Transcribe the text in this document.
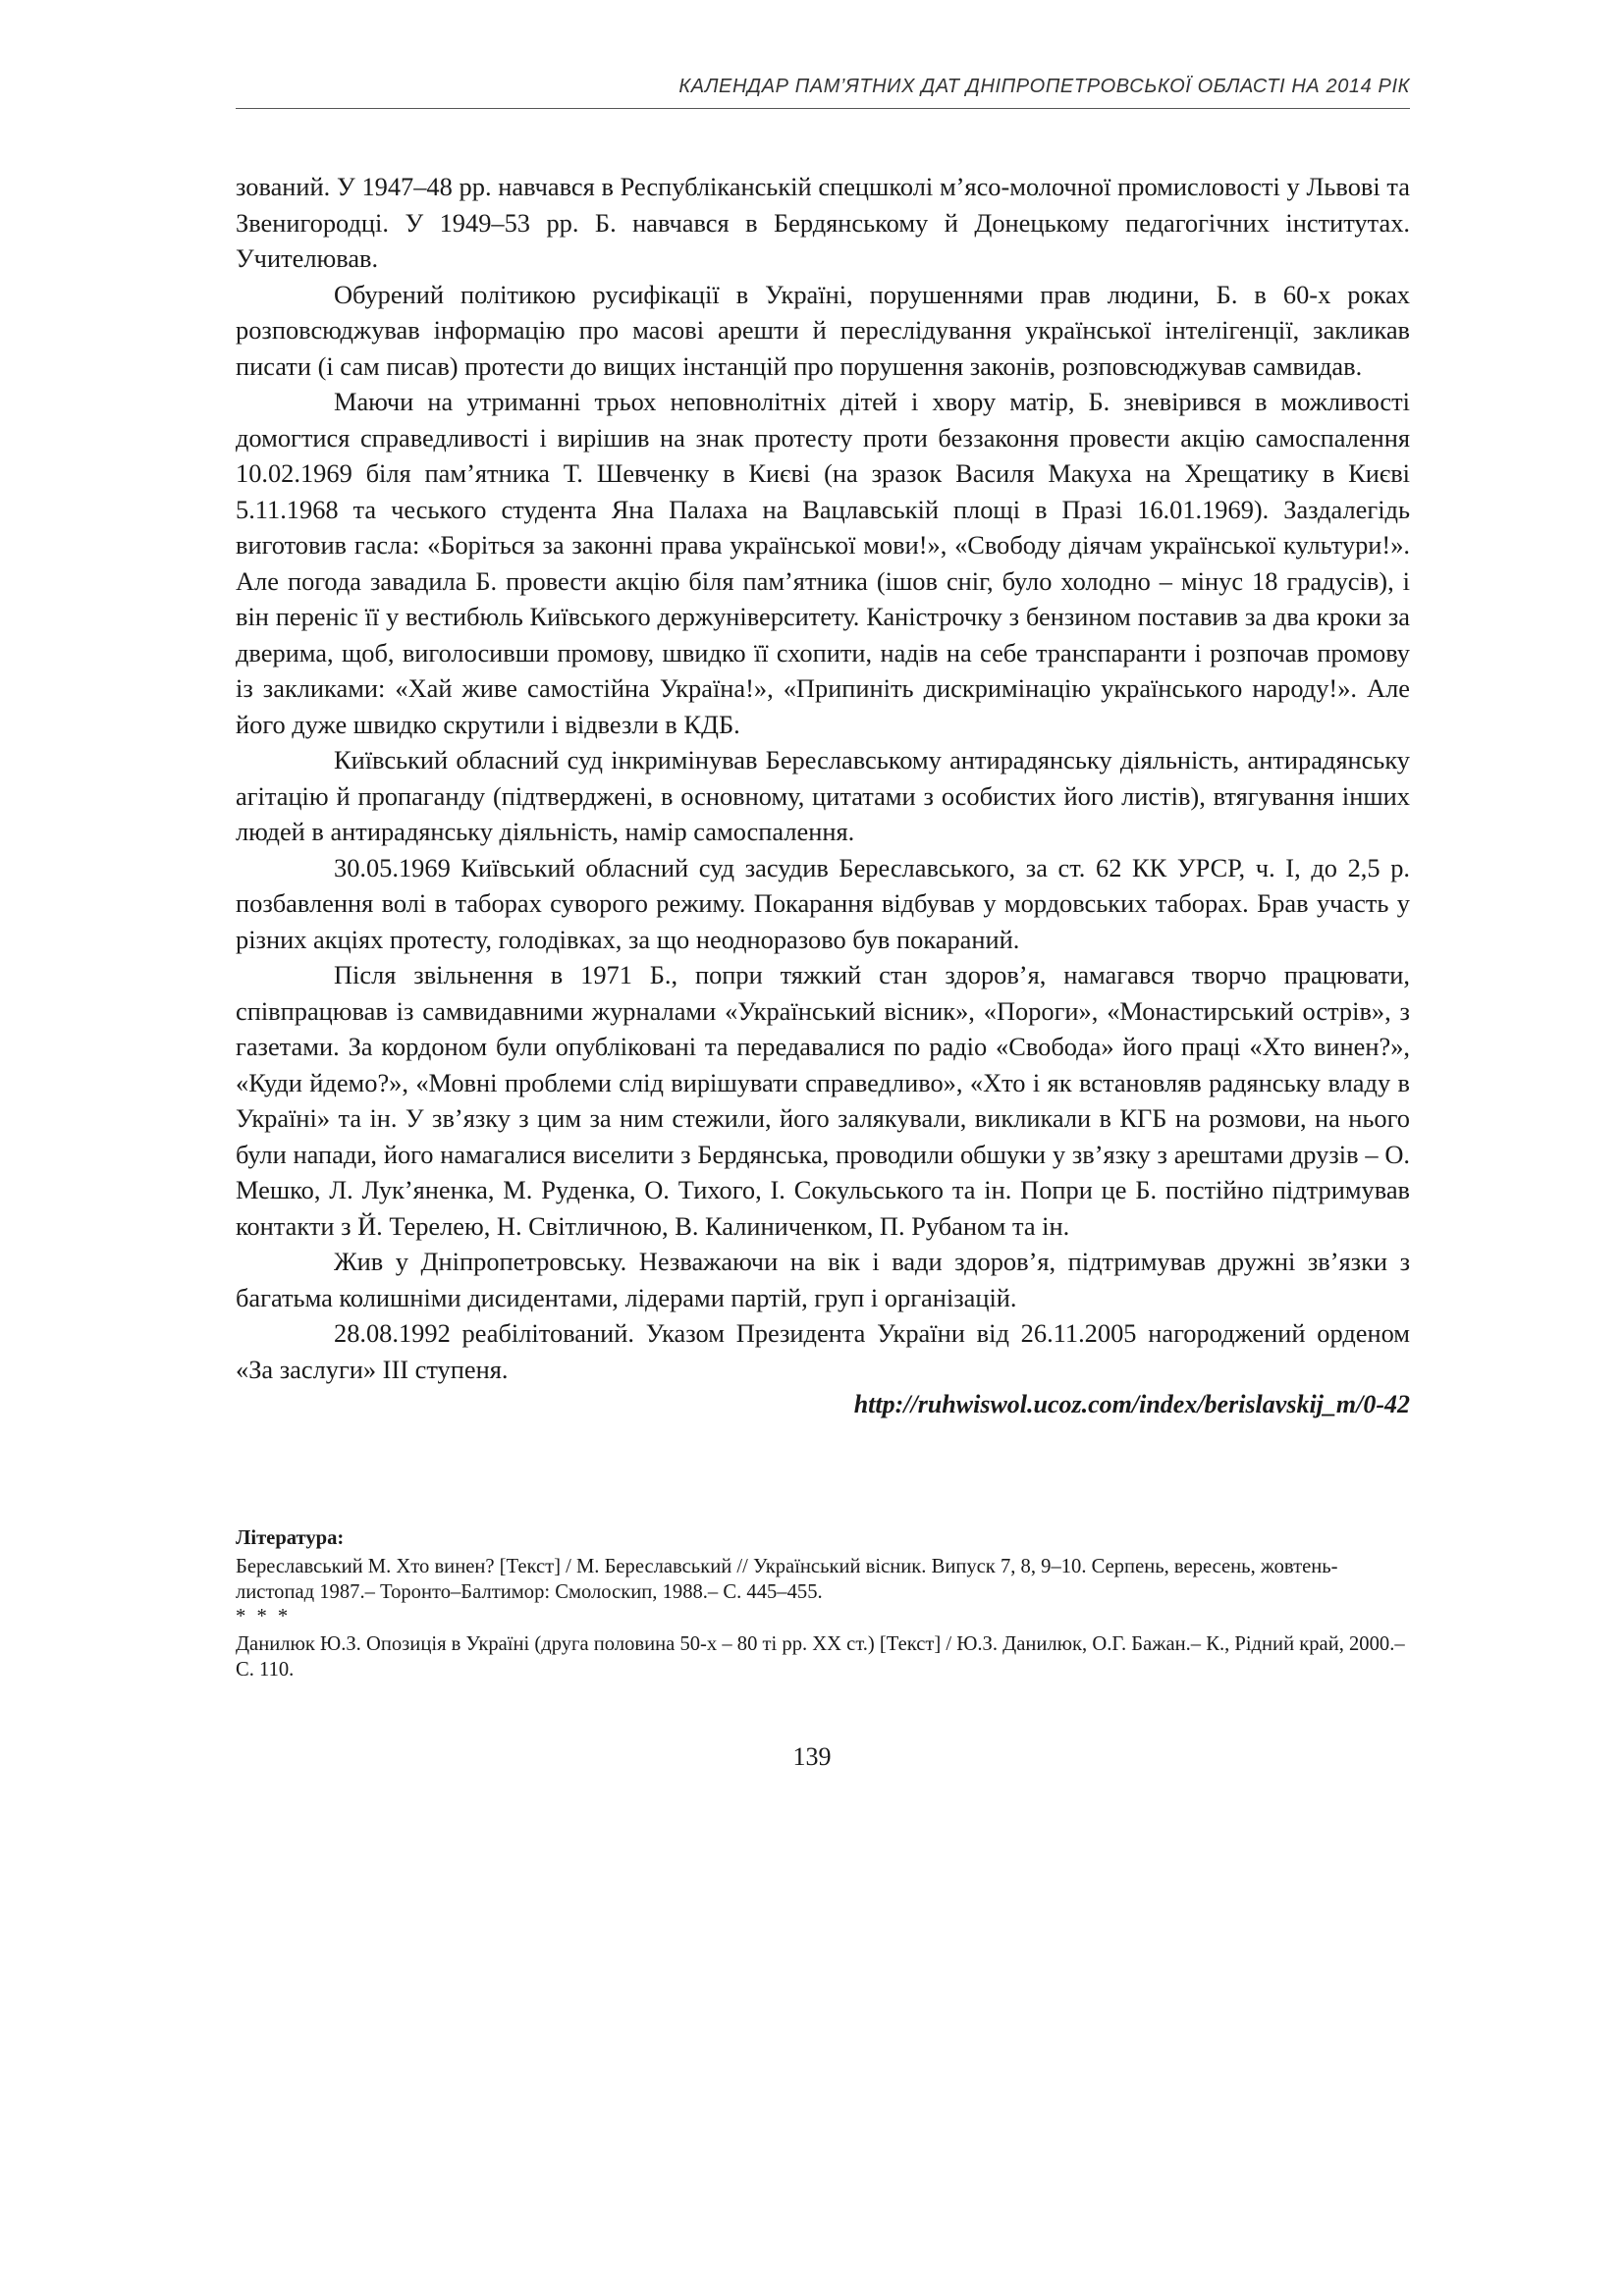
КАЛЕНДАР ПАМ’ЯТНИХ ДАТ ДНІПРОПЕТРОВСЬКОЇ ОБЛАСТІ НА 2014 РІК

зований. У 1947–48 рр. навчався в Республіканській спецшколі м’ясо-молочної промисловості у Львові та Звенигородці. У 1949–53 рр. Б. навчався в Бердянському й Донецькому педагогічних інститутах. Учителював.

Обурений політикою русифікації в Україні, порушеннями прав людини, Б. в 60-х роках розповсюджував інформацію про масові арешти й переслідування української інтелігенції, закликав писати (і сам писав) протести до вищих інстанцій про порушення законів, розповсюджував самвидав.

Маючи на утриманні трьох неповнолітніх дітей і хвору матір, Б. зневірився в можливості домогтися справедливості і вирішив на знак протесту проти беззаконня провести акцію самоспалення 10.02.1969 біля пам’ятника Т. Шевченку в Києві (на зразок Василя Макуха на Хрещатику в Києві 5.11.1968 та чеського студента Яна Палаха на Вацлавській площі в Празі 16.01.1969). Заздалегідь виготовив гасла: «Боріться за законні права української мови!», «Свободу діячам української культури!». Але погода завадила Б. провести акцію біля пам’ятника (ішов сніг, було холодно – мінус 18 градусів), і він переніс її у вестибюль Київського держуніверситету. Каністрочку з бензином поставив за два кроки за дверима, щоб, виголосивши промову, швидко її схопити, надів на себе транспаранти і розпочав промову із закликами: «Хай живе самостійна Україна!», «Припиніть дискримінацію українського народу!». Але його дуже швидко скрутили і відвезли в КДБ.

Київський обласний суд інкримінував Береславському антирадянську діяльність, антирадянську агітацію й пропаганду (підтверджені, в основному, цитатами з особистих його листів), втягування інших людей в антирадянську діяльність, намір самоспалення.

30.05.1969 Київський обласний суд засудив Береславського, за ст. 62 КК УРСР, ч. I, до 2,5 р. позбавлення волі в таборах суворого режиму. Покарання відбував у мордовських таборах. Брав участь у різних акціях протесту, голодівках, за що неодноразово був покараний.

Після звільнення в 1971 Б., попри тяжкий стан здоров’я, намагався творчо працювати, співпрацював із самвидавними журналами «Український вісник», «Пороги», «Монастирський острів», з газетами. За кордоном були опубліковані та передавалися по радіо «Свобода» його праці «Хто винен?», «Куди йдемо?», «Мовні проблеми слід вирішувати справедливо», «Хто і як встановляв радянську владу в Україні» та ін. У зв’язку з цим за ним стежили, його залякували, викликали в КГБ на розмови, на нього були напади, його намагалися виселити з Бердянська, проводили обшуки у зв’язку з арештами друзів – О. Мешко, Л. Лук’яненка, М. Руденка, О. Тихого, І. Сокульського та ін. Попри це Б. постійно підтримував контакти з Й. Терелею, Н. Світличною, В. Калиниченком, П. Рубаном та ін.

Жив у Дніпропетровську. Незважаючи на вік і вади здоров’я, підтримував дружні зв’язки з багатьма колишніми дисидентами, лідерами партій, груп і організацій.

28.08.1992 реабілітований. Указом Президента України від 26.11.2005 нагороджений орденом «За заслуги» III ступеня.

http://ruhwiswol.ucoz.com/index/berislavskij_m/0-42

Література:

Береславський М. Хто винен? [Текст] / М. Береславський // Український вісник. Випуск 7, 8, 9–10. Серпень, вересень, жовтень-листопад 1987.– Торонто–Балтимор: Смолоскип, 1988.– С. 445–455.

* * *

Данилюк Ю.З. Опозиція в Україні (друга половина 50-х – 80 ті рр. ХХ ст.) [Текст] / Ю.З. Данилюк, О.Г. Бажан.– К., Рідний край, 2000.– С. 110.

139
